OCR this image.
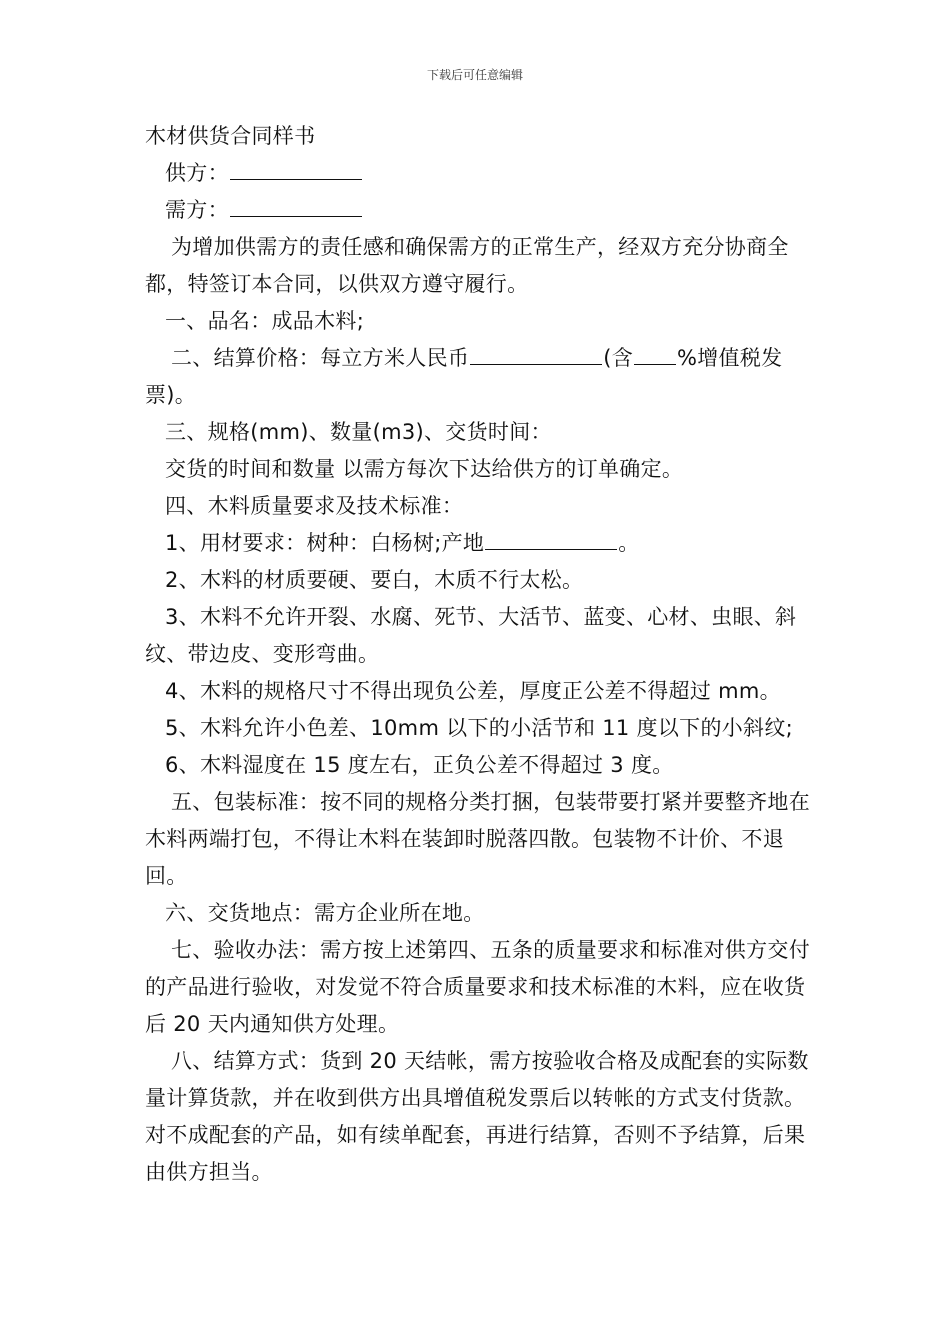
下载后可任意编辑

木材供货合同样书

供方：

需方：

为增加供需方的责任感和确保需方的正常生产，经双方充分协商全都，特签订本合同，以供双方遵守履行。

一、品名：成品木料;

二、结算价格：每立方米人民币	(含 %增值税发票)。

三、规格(mm)、数量(m3)、交货时间：

交货的时间和数量 以需方每次下达给供方的订单确定。

四、木料质量要求及技术标准：

1、用材要求：树种：白杨树;产地	。

2、木料的材质要硬、要白，木质不行太松。

3、木料不允许开裂、水腐、死节、大活节、蓝变、心材、虫眼、斜纹、带边皮、变形弯曲。

4、木料的规格尺寸不得出现负公差，厚度正公差不得超过 mm。

5、木料允许小色差、10mm 以下的小活节和 11 度以下的小斜纹;

6、木料湿度在 15 度左右，正负公差不得超过 3 度。

五、包装标准：按不同的规格分类打捆，包装带要打紧并要整齐地在木料两端打包，不得让木料在装卸时脱落四散。包装物不计价、不退回。

六、交货地点：需方企业所在地。

七、验收办法：需方按上述第四、五条的质量要求和标准对供方交付的产品进行验收，对发觉不符合质量要求和技术标准的木料，应在收货后 20 天内通知供方处理。

八、结算方式：货到 20 天结帐，需方按验收合格及成配套的实际数量计算货款，并在收到供方出具增值税发票后以转帐的方式支付货款。对不成配套的产品，如有续单配套，再进行结算，否则不予结算，后果由供方担当。
